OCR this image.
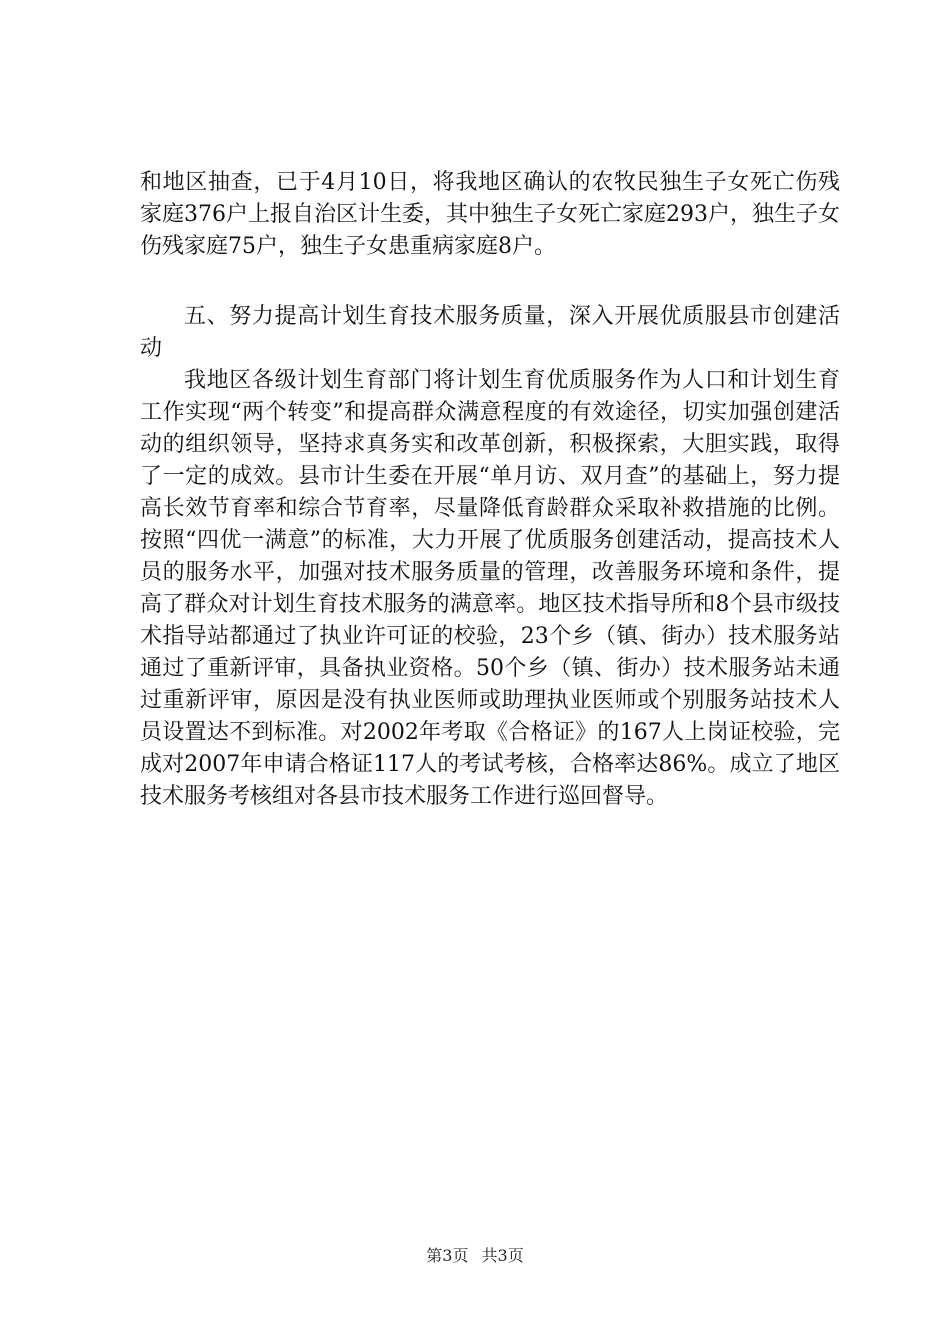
和地区抽查，已于4月10日，将我地区确认的农牧民独生子女死亡伤残家庭376户上报自治区计生委，其中独生子女死亡家庭293户，独生子女伤残家庭75户，独生子女患重病家庭8户。

五、努力提高计划生育技术服务质量，深入开展优质服县市创建活动

我地区各级计划生育部门将计划生育优质服务作为人口和计划生育工作实现“两个转变”和提高群众满意程度的有效途径，切实加强创建活动的组织领导，坚持求真务实和改革创新，积极探索，大胆实践，取得了一定的成效。县市计生委在开展“单月访、双月查”的基础上，努力提高长效节育率和综合节育率，尽量降低育龄群众采取补救措施的比例。按照“四优一满意”的标准，大力开展了优质服务创建活动，提高技术人员的服务水平，加强对技术服务质量的管理，改善服务环境和条件，提高了群众对计划生育技术服务的满意率。地区技术指导所和8个县市级技术指导站都通过了执业许可证的校验，23个乡（镇、街办）技术服务站通过了重新评审，具备执业资格。50个乡（镇、街办）技术服务站未通过重新评审，原因是没有执业医师或助理执业医师或个别服务站技术人员设置达不到标准。对2002年考取《合格证》的167人上岗证校验，完成对2007年申请合格证117人的考试考核，合格率达86%。成立了地区技术服务考核组对各县市技术服务工作进行巡回督导。

第3页 共3页
